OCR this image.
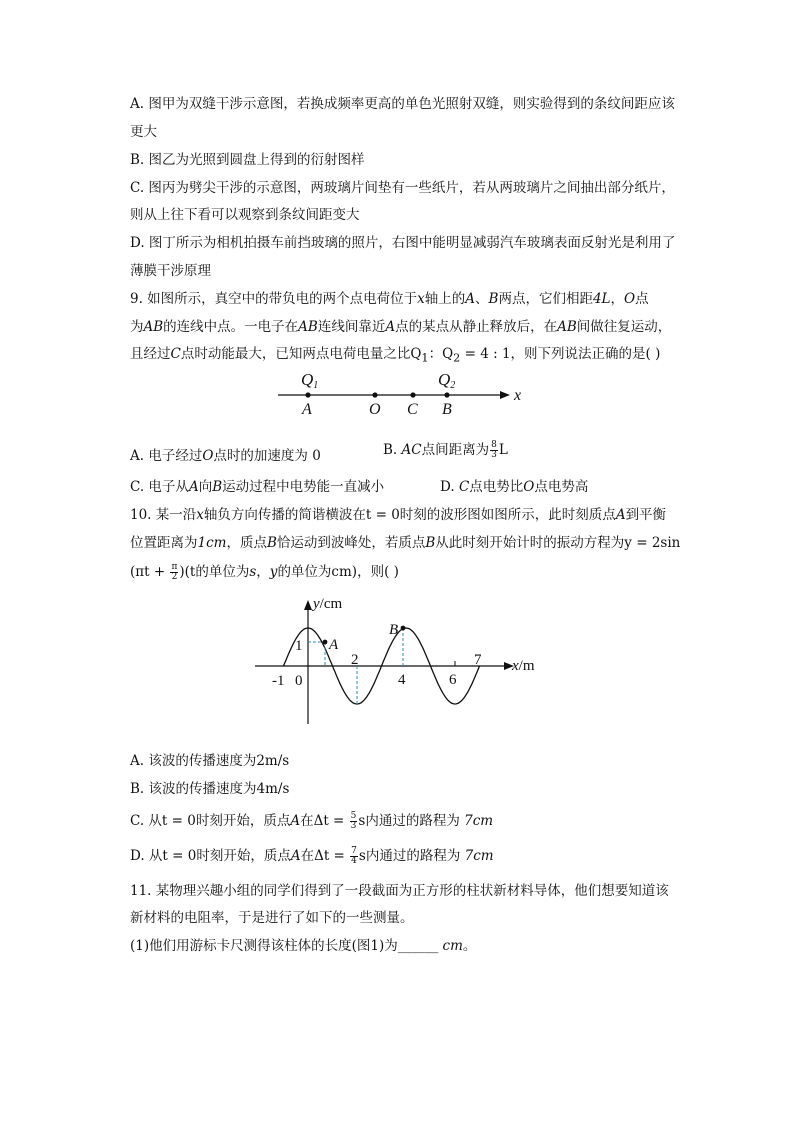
A. 图甲为双缝干涉示意图，若换成频率更高的单色光照射双缝，则实验得到的条纹间距应该
更大
B. 图乙为光照到圆盘上得到的衍射图样
C. 图丙为劈尖干涉的示意图，两玻璃片间垫有一些纸片，若从两玻璃片之间抽出部分纸片，
则从上往下看可以观察到条纹间距变大
D. 图丁所示为相机拍摄车前挡玻璃的照片，右图中能明显减弱汽车玻璃表面反射光是利用了
薄膜干涉原理
9. 如图所示，真空中的带负电的两个点电荷位于x轴上的A、B两点，它们相距4L，O点
为AB的连线中点。一电子在AB连线间靠近A点的某点从静止释放后，在AB间做往复运动，
且经过C点时动能最大，已知两点电荷电量之比$Q_1$：$Q_2 = 4$ : 1，则下列说法正确的是( )
Q1	Q2
A	O C B
x
A. 电子经过O点时的加速度为 0	B. AC点间距离为 $\frac{8}{3}$ L
C. 电子从A向B运动过程中电势能一直减小	D. C点电势比O点电势高
10. 某一沿x轴负方向传播的简谐横波在t = 0时刻的波形图如图所示，此时刻质点A到平衡
位置距离为1cm，质点B恰运动到波峰处，若质点B从此时刻开始计时的振动方程为y = 2sin
$(\pi t + \frac{\pi}{2} )(t$的单位为s，y的单位为cm)，则( )
y/cm
x/m
-1 0
1
2
4	6
7
A
B
A. 该波的传播速度为2m/s
B. 该波的传播速度为4m/s
C. 从t = 0时刻开始，质点A在$\Delta t = \frac{5}{3}$ s内通过的路程为 7cm
D. 从t = 0时刻开始，质点A在$\Delta t = \frac{7}{4}$ s内通过的路程为 7cm
11. 某物理兴趣小组的同学们得到了一段截面为正方形的柱状新材料导体，他们想要知道该
新材料的电阻率，于是进行了如下的一些测量。
(1)他们用游标卡尺测得该柱体的长度(图1)为______ cm。
